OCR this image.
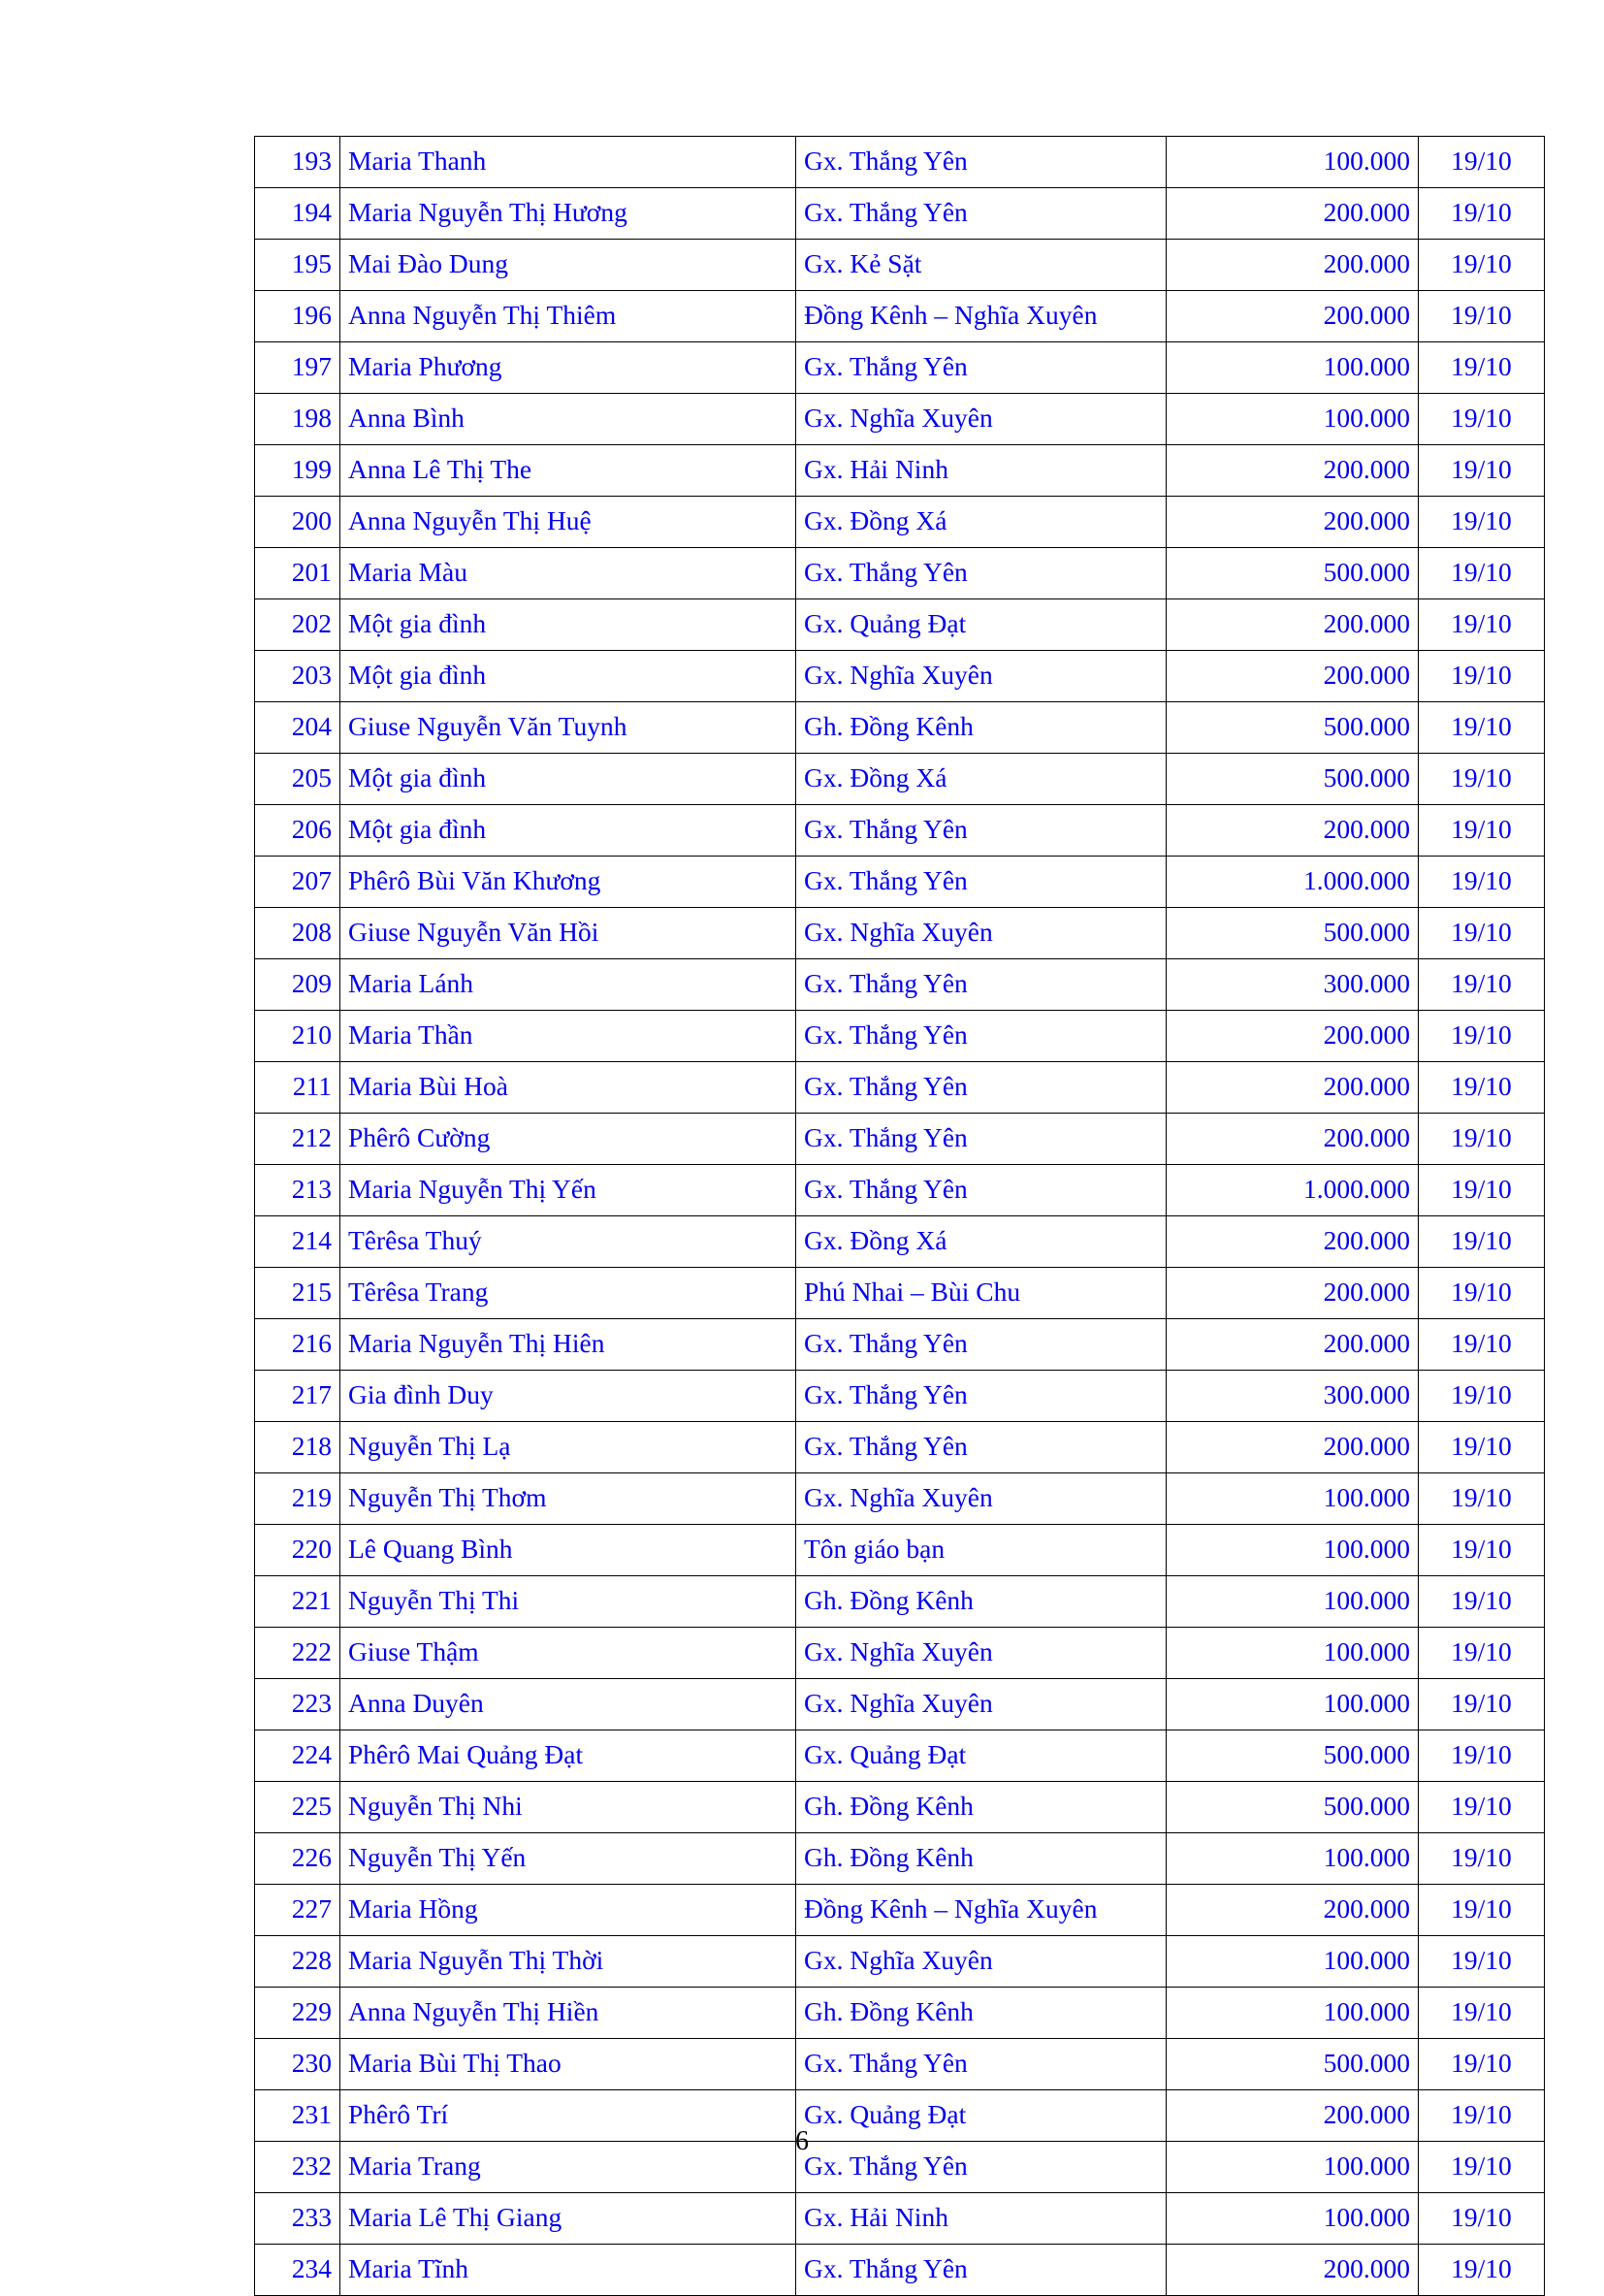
193	Maria Thanh	Gx. Thắng Yên	100.000	19/10
194	Maria Nguyễn Thị Hương	Gx. Thắng Yên	200.000	19/10
195	Mai Đào Dung	Gx. Kẻ Sặt	200.000	19/10
196	Anna Nguyễn Thị Thiêm	Đồng Kênh – Nghĩa Xuyên	200.000	19/10
197	Maria Phương	Gx. Thắng Yên	100.000	19/10
198	Anna Bình	Gx. Nghĩa Xuyên	100.000	19/10
199	Anna Lê Thị The	Gx. Hải Ninh	200.000	19/10
200	Anna Nguyễn Thị Huệ	Gx. Đồng Xá	200.000	19/10
201	Maria Màu	Gx. Thắng Yên	500.000	19/10
202	Một gia đình	Gx. Quảng Đạt	200.000	19/10
203	Một gia đình	Gx. Nghĩa Xuyên	200.000	19/10
204	Giuse Nguyễn Văn Tuynh	Gh. Đồng Kênh	500.000	19/10
205	Một gia đình	Gx. Đồng Xá	500.000	19/10
206	Một gia đình	Gx. Thắng Yên	200.000	19/10
207	Phêrô Bùi Văn Khương	Gx. Thắng Yên	1.000.000	19/10
208	Giuse Nguyễn Văn Hồi	Gx. Nghĩa Xuyên	500.000	19/10
209	Maria Lánh	Gx. Thắng Yên	300.000	19/10
210	Maria Thần	Gx. Thắng Yên	200.000	19/10
211	Maria Bùi Hoà	Gx. Thắng Yên	200.000	19/10
212	Phêrô Cường	Gx. Thắng Yên	200.000	19/10
213	Maria Nguyễn Thị Yến	Gx. Thắng Yên	1.000.000	19/10
214	Têrêsa Thuý	Gx. Đồng Xá	200.000	19/10
215	Têrêsa Trang	Phú Nhai – Bùi Chu	200.000	19/10
216	Maria Nguyễn Thị Hiên	Gx. Thắng Yên	200.000	19/10
217	Gia đình Duy	Gx. Thắng Yên	300.000	19/10
218	Nguyễn Thị Lạ	Gx. Thắng Yên	200.000	19/10
219	Nguyễn Thị Thơm	Gx. Nghĩa Xuyên	100.000	19/10
220	Lê Quang Bình	Tôn giáo bạn	100.000	19/10
221	Nguyễn Thị Thi	Gh. Đồng Kênh	100.000	19/10
222	Giuse Thậm	Gx. Nghĩa Xuyên	100.000	19/10
223	Anna Duyên	Gx. Nghĩa Xuyên	100.000	19/10
224	Phêrô Mai Quảng Đạt	Gx. Quảng Đạt	500.000	19/10
225	Nguyễn Thị Nhi	Gh. Đồng Kênh	500.000	19/10
226	Nguyễn Thị Yến	Gh. Đồng Kênh	100.000	19/10
227	Maria Hồng	Đồng Kênh – Nghĩa Xuyên	200.000	19/10
228	Maria Nguyễn Thị Thời	Gx. Nghĩa Xuyên	100.000	19/10
229	Anna Nguyễn Thị Hiền	Gh. Đồng Kênh	100.000	19/10
230	Maria Bùi Thị Thao	Gx. Thắng Yên	500.000	19/10
231	Phêrô Trí	Gx. Quảng Đạt	200.000	19/10
232	Maria Trang	Gx. Thắng Yên	100.000	19/10
233	Maria Lê Thị Giang	Gx. Hải Ninh	100.000	19/10
234	Maria Tĩnh	Gx. Thắng Yên	200.000	19/10
6
